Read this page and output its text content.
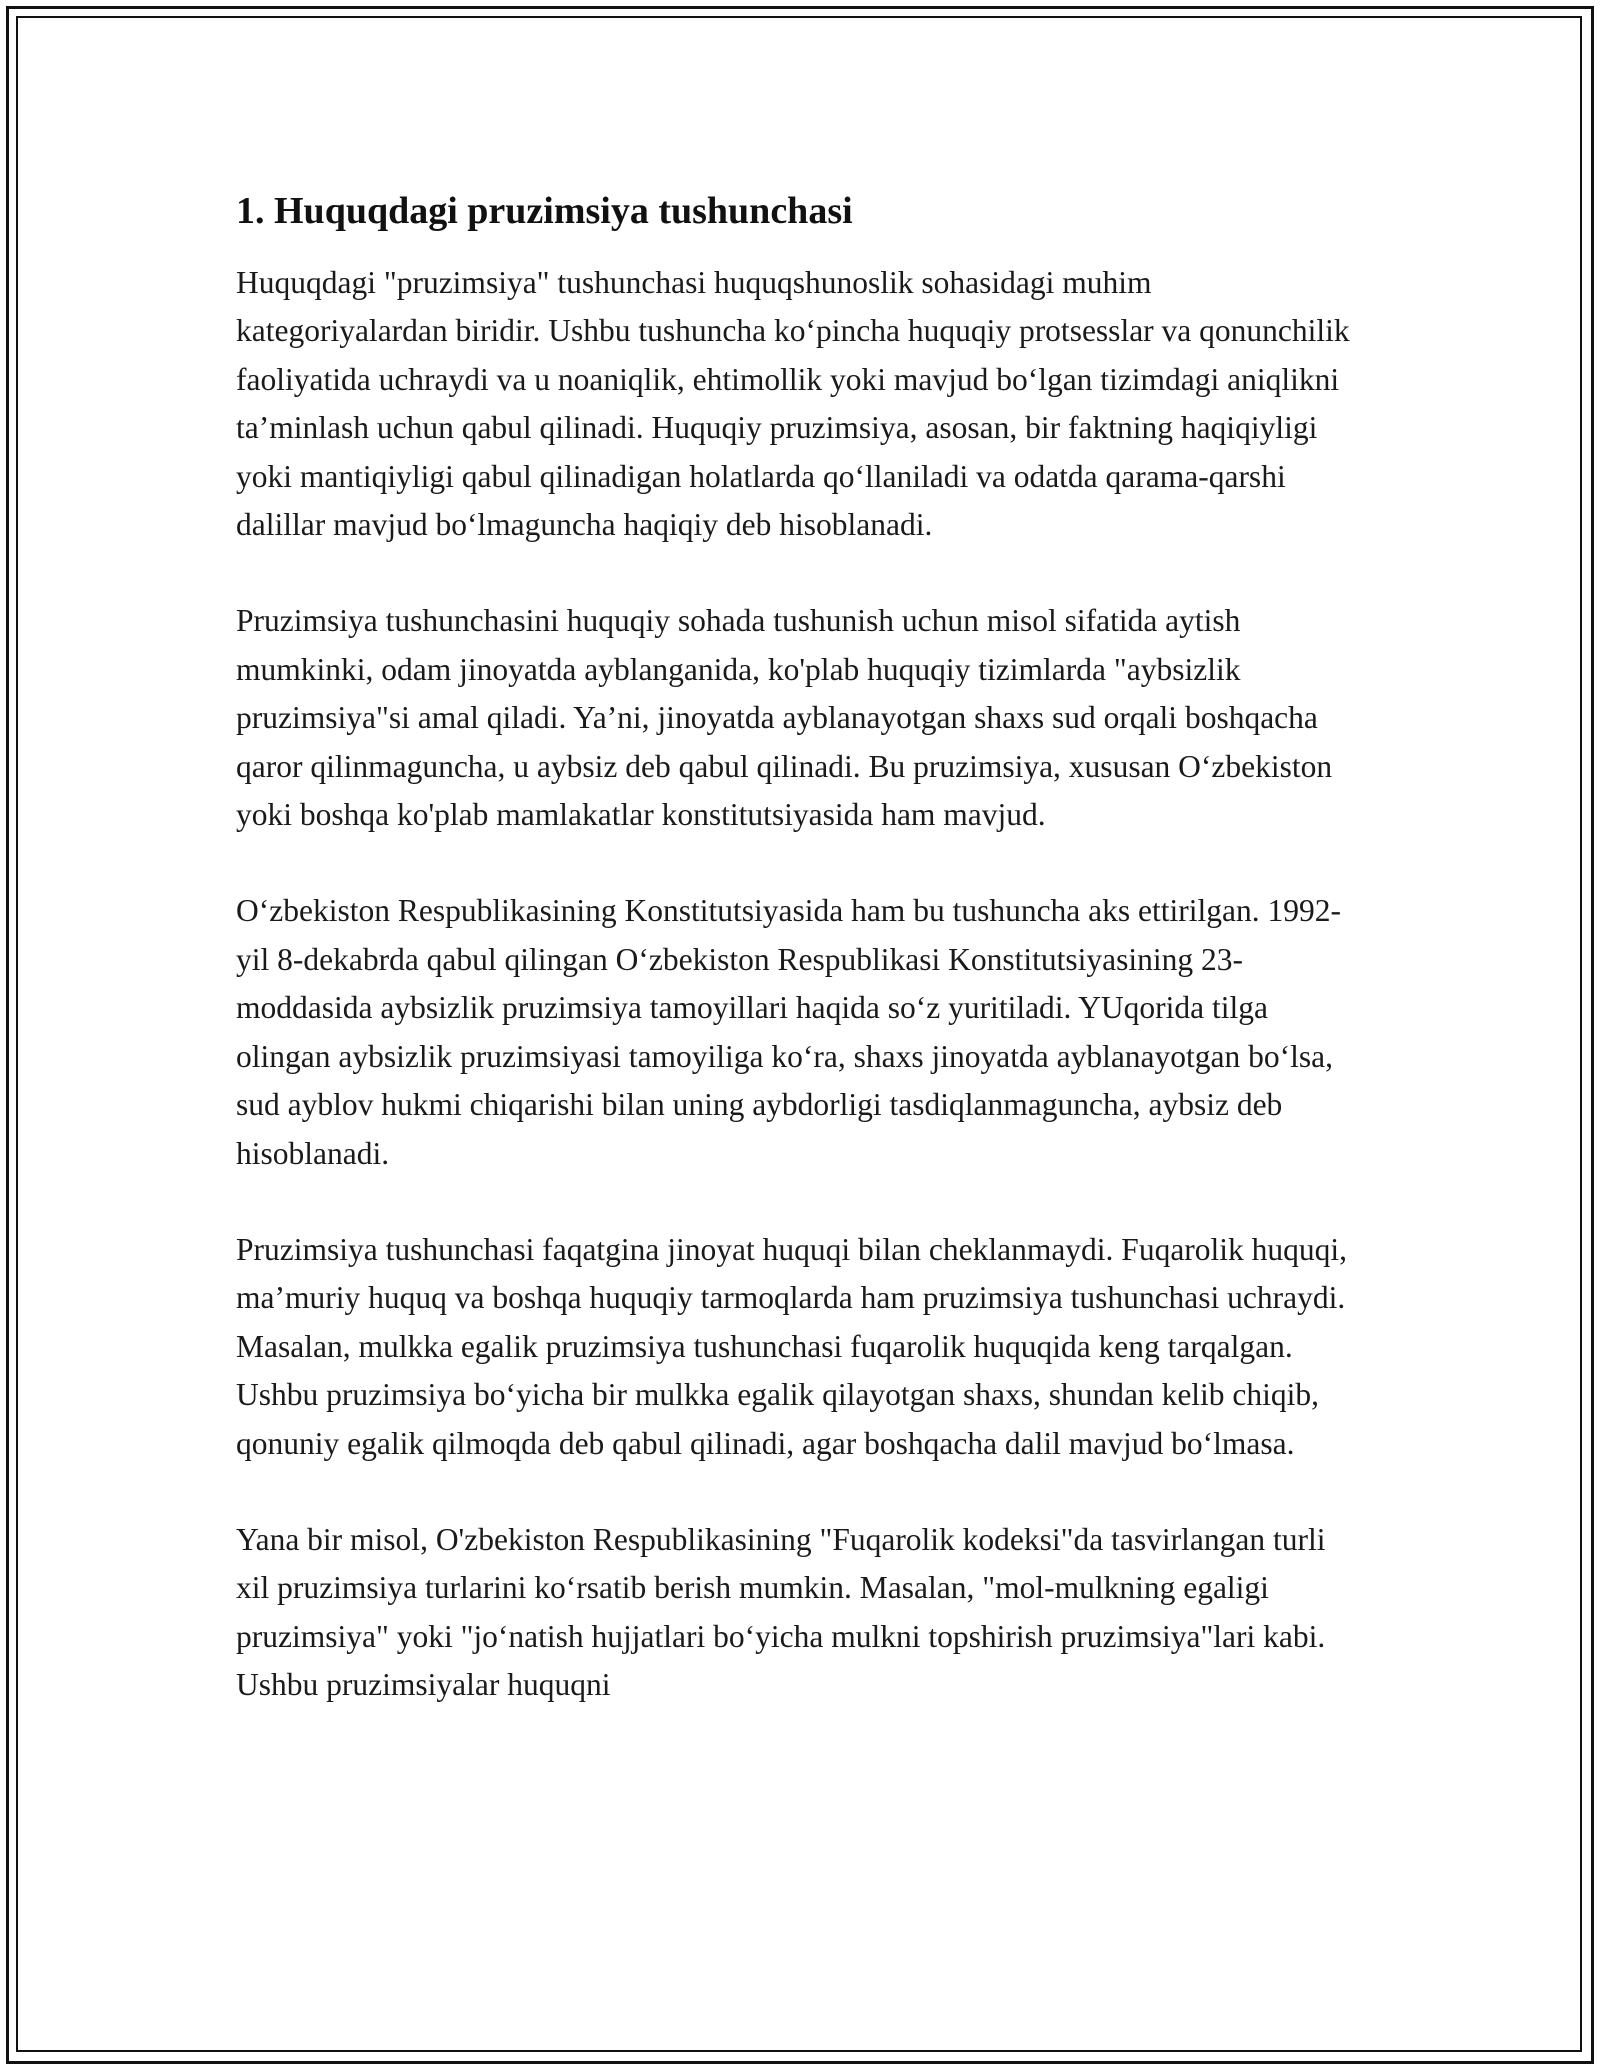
1. Huquqdagi pruzimsiya tushunchasi

Huquqdagi "pruzimsiya" tushunchasi huquqshunoslik sohasidagi muhim kategoriyalardan biridir. Ushbu tushuncha ko‘pincha huquqiy protsesslar va qonunchilik faoliyatida uchraydi va u noaniqlik, ehtimollik yoki mavjud bo‘lgan tizimdagi aniqlikni ta’minlash uchun qabul qilinadi. Huquqiy pruzimsiya, asosan, bir faktning haqiqiyligi yoki mantiqiyligi qabul qilinadigan holatlarda qo‘llaniladi va odatda qarama-qarshi dalillar mavjud bo‘lmaguncha haqiqiy deb hisoblanadi.

Pruzimsiya tushunchasini huquqiy sohada tushunish uchun misol sifatida aytish mumkinki, odam jinoyatda ayblanganida, ko'plab huquqiy tizimlarda "aybsizlik pruzimsiya"si amal qiladi. Ya’ni, jinoyatda ayblanayotgan shaxs sud orqali boshqacha qaror qilinmaguncha, u aybsiz deb qabul qilinadi. Bu pruzimsiya, xususan O‘zbekiston yoki boshqa ko'plab mamlakatlar konstitutsiyasida ham mavjud.

O‘zbekiston Respublikasining Konstitutsiyasida ham bu tushuncha aks ettirilgan. 1992-yil 8-dekabrda qabul qilingan O‘zbekiston Respublikasi Konstitutsiyasining 23-moddasida aybsizlik pruzimsiya tamoyillari haqida so‘z yuritiladi. YUqorida tilga olingan aybsizlik pruzimsiyasi tamoyiliga ko‘ra, shaxs jinoyatda ayblanayotgan bo‘lsa, sud ayblov hukmi chiqarishi bilan uning aybdorligi tasdiqlanmaguncha, aybsiz deb hisoblanadi.

Pruzimsiya tushunchasi faqatgina jinoyat huquqi bilan cheklanmaydi. Fuqarolik huquqi, ma’muriy huquq va boshqa huquqiy tarmoqlarda ham pruzimsiya tushunchasi uchraydi. Masalan, mulkka egalik pruzimsiya tushunchasi fuqarolik huquqida keng tarqalgan. Ushbu pruzimsiya bo‘yicha bir mulkka egalik qilayotgan shaxs, shundan kelib chiqib, qonuniy egalik qilmoqda deb qabul qilinadi, agar boshqacha dalil mavjud bo‘lmasa.

Yana bir misol, O'zbekiston Respublikasining "Fuqarolik kodeksi"da tasvirlangan turli xil pruzimsiya turlarini ko‘rsatib berish mumkin. Masalan, "mol-mulkning egaligi pruzimsiya" yoki "jo‘natish hujjatlari bo‘yicha mulkni topshirish pruzimsiya"lari kabi. Ushbu pruzimsiyalar huquqni
